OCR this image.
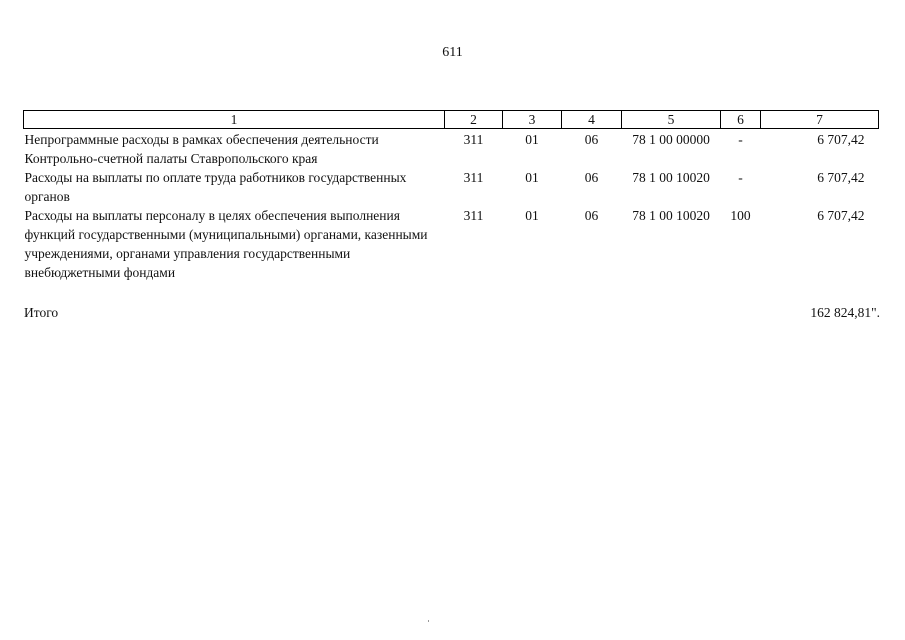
611
1	2	3	4	5	6	7
Непрограммные расходы в рамках обеспечения деятельности Контрольно-счетной палаты Ставропольского края	311	01	06	78 1 00 00000	-	6 707,42
Расходы на выплаты по оплате труда работников государственных органов	311	01	06	78 1 00 10020	-	6 707,42
Расходы на выплаты персоналу в целях обеспечения выполнения функций государственными (муниципальными) органами, казенными учреждениями, органами управления государственными внебюджетными фондами	311	01	06	78 1 00 10020	100	6 707,42
Итого	162 824,81".
